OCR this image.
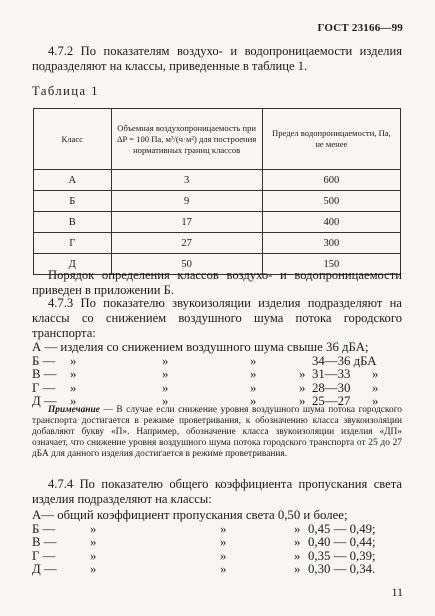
ГОСТ 23166—99
4.7.2 По показателям воздухо- и водопроницаемости изделия подразделяют на классы, приведенные в таблице 1.
Таблица 1
Класс	Объемная воздухопроницаемость при ΔP = 100 Па, м³/(ч·м²) для построения нормативных границ классов	Предел водопроницаемости, Па, не менее
А	3	600
Б	9	500
В	17	400
Г	27	300
Д	50	150
Порядок определения классов воздухо- и водопроницаемости приведен в приложении Б.
4.7.3 По показателю звукоизоляции изделия подразделяют на классы со снижением воздушного шума потока городского транспорта:
А — изделия со снижением воздушного шума свыше 36 дБА;
Б — »	»	»	34—36 дБА
В — »	»	»	» 31—33 »
Г — »	»	»	» 28—30 »
Д — »	»	»	» 25—27 »
Примечание — В случае если снижение уровня воздушного шума потока городского транспорта достигается в режиме проветривания, к обозначению класса звукоизоляции добавляют букву «П». Например, обозначение класса звукоизоляции изделия «ДП» означает, что снижение уровня воздушного шума потока городского транспорта от 25 до 27 дБА для данного изделия достигается в режиме проветривания.
4.7.4 По показателю общего коэффициента пропускания света изделия подразделяют на классы:
А— общий коэффициент пропускания света 0,50 и более;
Б —	»	»	» 0,45 — 0,49;
В —	»	»	» 0,40 — 0,44;
Г —	»	»	» 0,35 — 0,39;
Д —	»	»	» 0,30 — 0,34.
11
